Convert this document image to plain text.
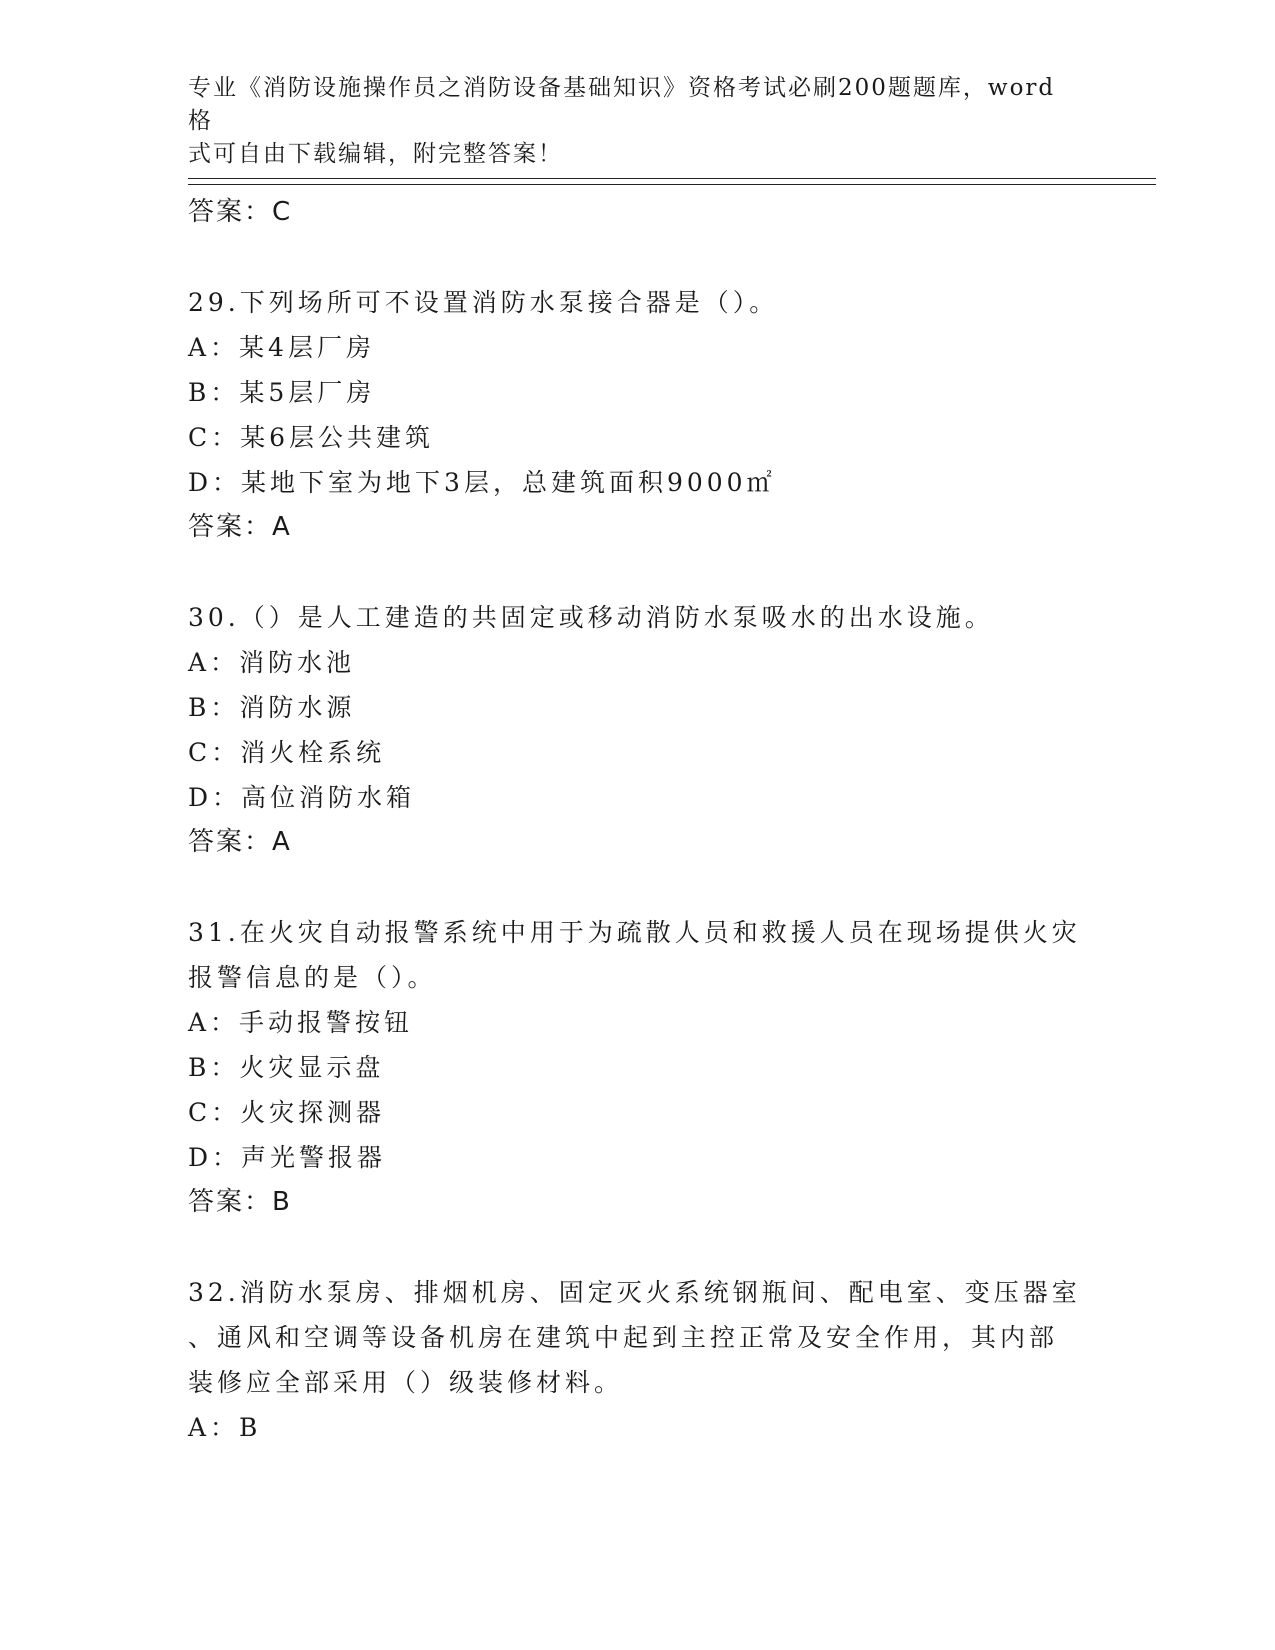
专业《消防设施操作员之消防设备基础知识》资格考试必刷200题题库，word格
式可自由下载编辑，附完整答案！
答案：C
29.下列场所可不设置消防水泵接合器是（）。
A：某4层厂房
B：某5层厂房
C：某6层公共建筑
D：某地下室为地下3层，总建筑面积9000㎡
答案：A
30.（）是人工建造的共固定或移动消防水泵吸水的出水设施。
A：消防水池
B：消防水源
C：消火栓系统
D：高位消防水箱
答案：A
31.在火灾自动报警系统中用于为疏散人员和救援人员在现场提供火灾
报警信息的是（）。
A：手动报警按钮
B：火灾显示盘
C：火灾探测器
D：声光警报器
答案：B
32.消防水泵房、排烟机房、固定灭火系统钢瓶间、配电室、变压器室
、通风和空调等设备机房在建筑中起到主控正常及安全作用，其内部
装修应全部采用（）级装修材料。
A：B
